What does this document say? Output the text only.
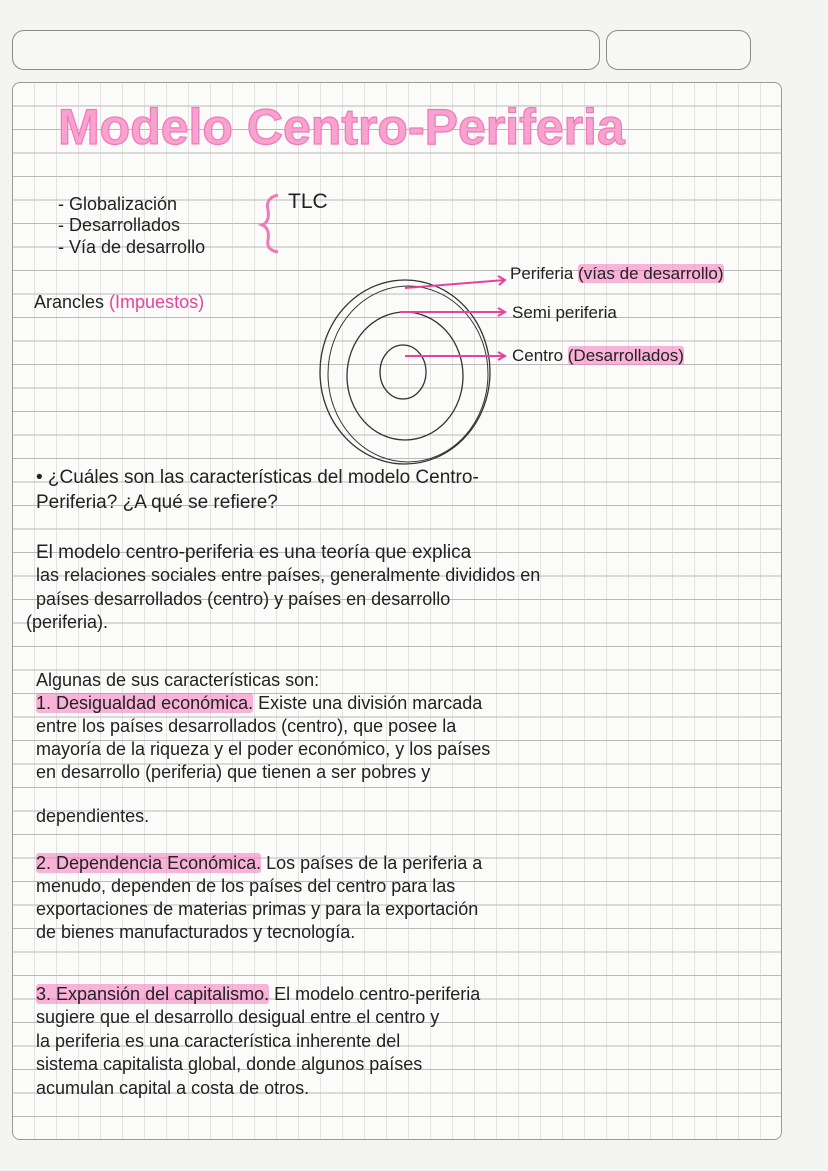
Modelo Centro-Periferia
- Globalización
- Desarrollados
- Vía de desarrollo
TLC
Arancles (Impuestos)
Periferia (vías de desarrollo)
Semi periferia
Centro (Desarrollados)
• ¿Cuáles son las características del modelo Centro-
Periferia? ¿A qué se refiere?
El modelo centro-periferia es una teoría que explica
las relaciones sociales entre países, generalmente divididos en
países desarrollados (centro) y países en desarrollo
(periferia).
Algunas de sus características son:
1. Desigualdad económica. Existe una división marcada
entre los países desarrollados (centro), que posee la
mayoría de la riqueza y el poder económico, y los países
en desarrollo (periferia) que tienen a ser pobres y
dependientes.
2. Dependencia Económica. Los países de la periferia a
menudo, dependen de los países del centro para las
exportaciones de materias primas y para la exportación
de bienes manufacturados y tecnología.
3. Expansión del capitalismo. El modelo centro-periferia
sugiere que el desarrollo desigual entre el centro y
la periferia es una característica inherente del
sistema capitalista global, donde algunos países
acumulan capital a costa de otros.
